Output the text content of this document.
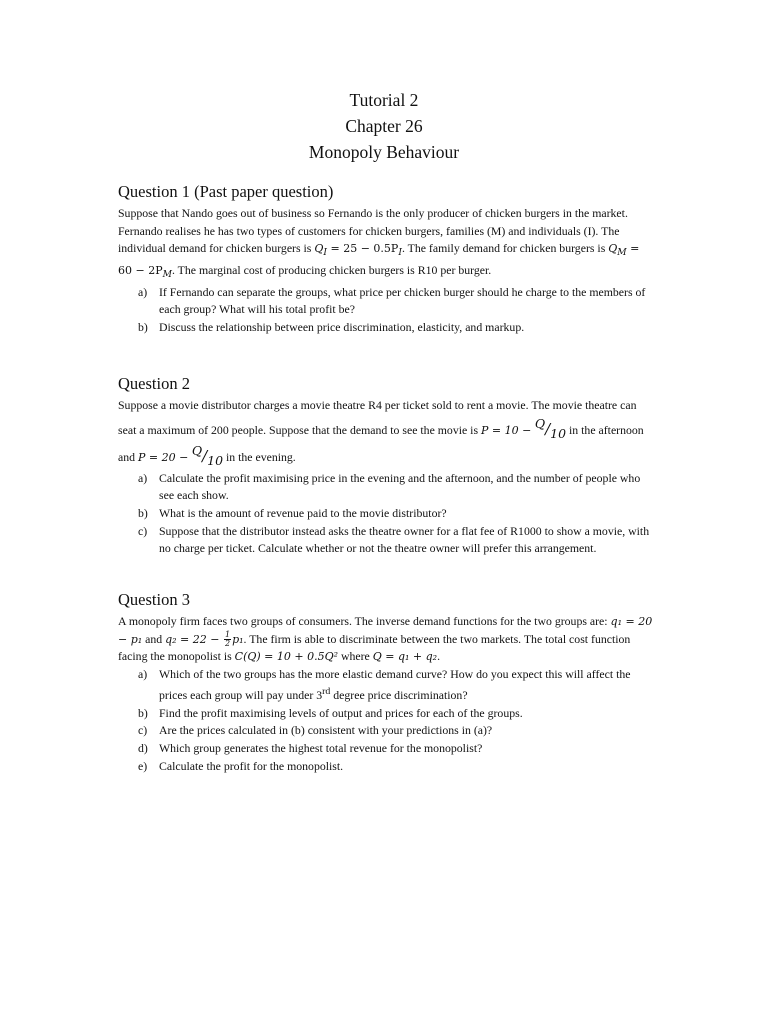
Tutorial 2
Chapter 26
Monopoly Behaviour
Question 1 (Past paper question)

Suppose that Nando goes out of business so Fernando is the only producer of chicken burgers in the market. Fernando realises he has two types of customers for chicken burgers, families (M) and individuals (I). The individual demand for chicken burgers is $Q_I = 25 - 0.5P_I$. The family demand for chicken burgers is $Q_M = 60 - 2P_M$. The marginal cost of producing chicken burgers is R10 per burger.

a) If Fernando can separate the groups, what price per chicken burger should he charge to the members of each group? What will his total profit be?
b) Discuss the relationship between price discrimination, elasticity, and markup.
Question 2

Suppose a movie distributor charges a movie theatre R4 per ticket sold to rent a movie. The movie theatre can seat a maximum of 200 people. Suppose that the demand to see the movie is $P = 10 - ^Q/_{10}$ in the afternoon and $P = 20 - ^Q/_{10}$ in the evening.

a) Calculate the profit maximising price in the evening and the afternoon, and the number of people who see each show.
b) What is the amount of revenue paid to the movie distributor?
c) Suppose that the distributor instead asks the theatre owner for a flat fee of R1000 to show a movie, with no charge per ticket. Calculate whether or not the theatre owner will prefer this arrangement.
Question 3

A monopoly firm faces two groups of consumers. The inverse demand functions for the two groups are: q₁ = 20 − p₁ and $q_2 = 22 - \frac{1}{2} p_1$. The firm is able to discriminate between the two markets. The total cost function facing the monopolist is C(Q) = 10 + 0.5Q² where Q = q₁ + q₂.

a) Which of the two groups has the more elastic demand curve? How do you expect this will affect the prices each group will pay under 3rd degree price discrimination?
b) Find the profit maximising levels of output and prices for each of the groups.
c) Are the prices calculated in (b) consistent with your predictions in (a)?
d) Which group generates the highest total revenue for the monopolist?
e) Calculate the profit for the monopolist.
